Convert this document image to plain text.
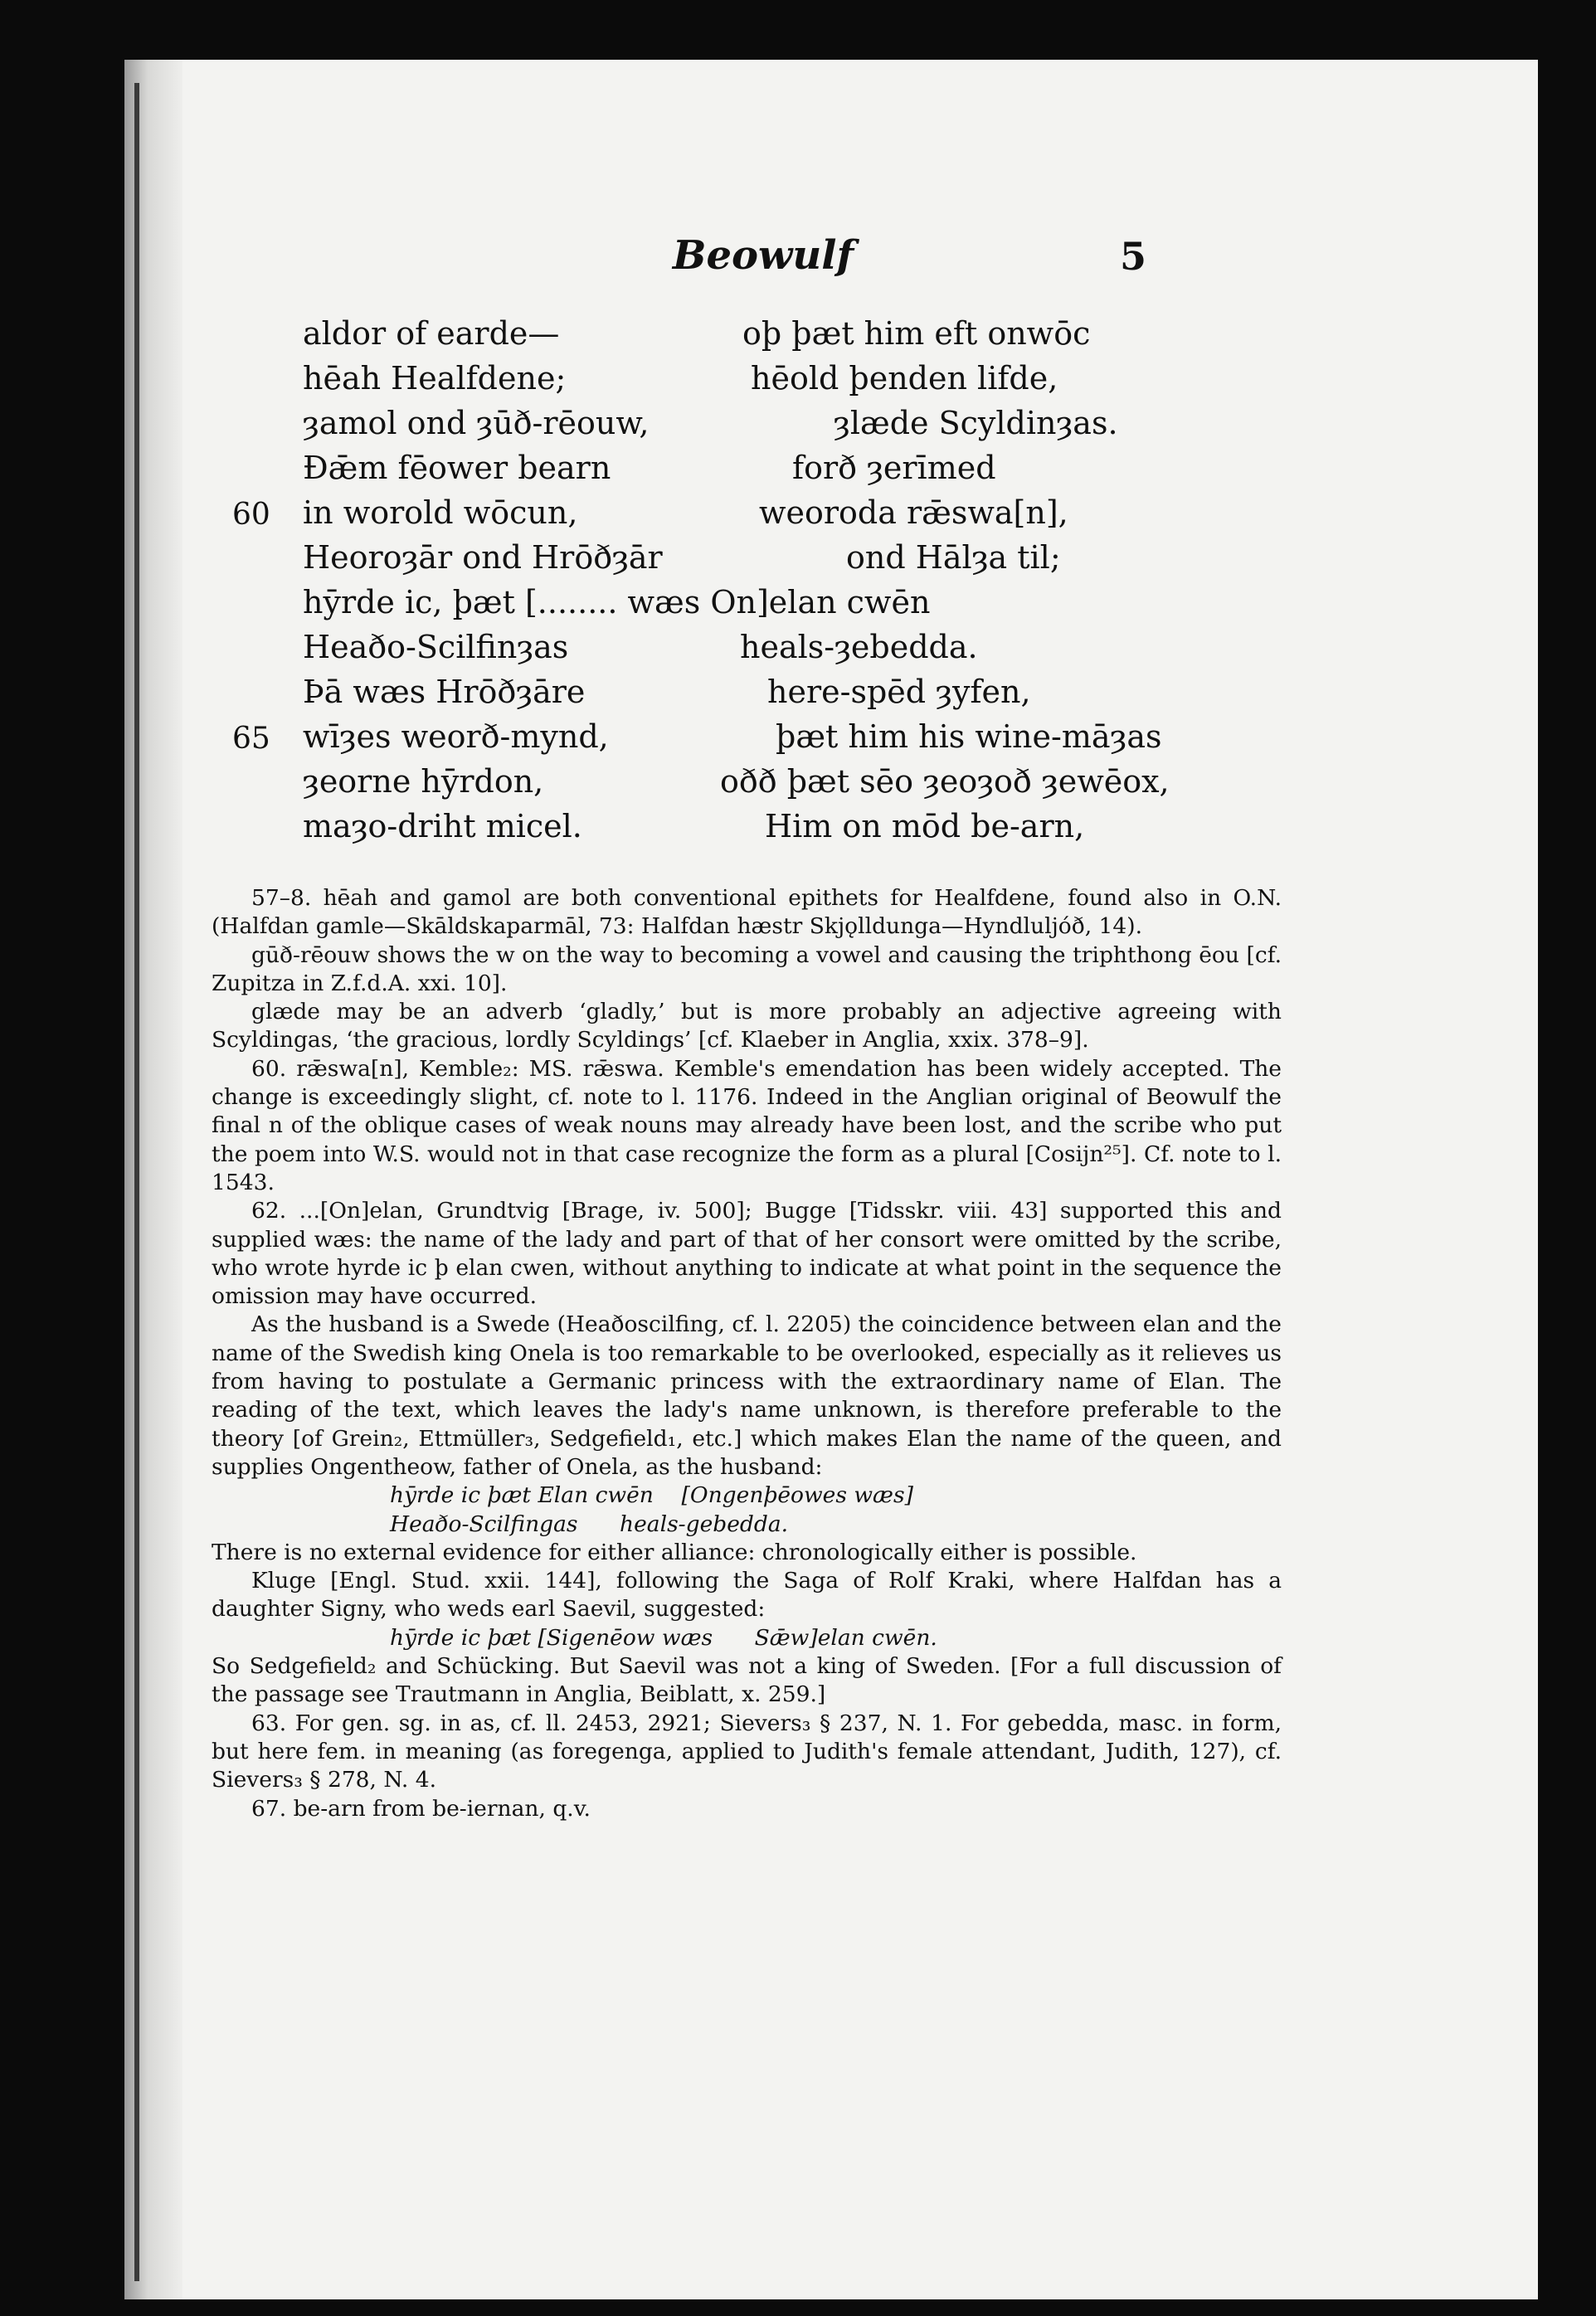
Beowulf	5
aldor of earde—	oþ þæt him eft onwōc
hēah Healfdene;	hēold þenden lifde,
ȝamol ond ȝūð-rēouw,	ȝlæde Scyldinȝas.
Ðǣm fēower bearn	forð ȝerīmed
60 in worold wōcun,	weoroda rǣswa[n],
Heoroȝār ond Hrōðȝār	ond Hālȝa til;
hȳrde ic, þæt [........ wæs On]elan cwēn
Heaðo-Scilfinȝas	heals-ȝebedda.
Þā wæs Hrōðȝāre	here-spēd ȝyfen,
65 wīȝes weorð-mynd,	þæt him his wine-māȝas
ȝeorne hȳrdon,	oðð þæt sēo ȝeoȝoð ȝewēox,
maȝo-driht micel.	Him on mōd be-arn,

57–8. hēah and gamol are both conventional epithets for Healfdene, found also in O.N. (Halfdan gamle—Skāldskaparmāl, 73: Halfdan hæstr Skjǫlldunga—Hyndluljóð, 14).

gūð-rēouw shows the w on the way to becoming a vowel and causing the triphthong ēou [cf. Zupitza in Z.f.d.A. xxi. 10].

glæde may be an adverb ‘gladly,’ but is more probably an adjective agreeing with Scyldingas, ‘the gracious, lordly Scyldings’ [cf. Klaeber in Anglia, xxix. 378–9].

60. rǣswa[n], Kemble₂: MS. rǣswa. Kemble's emendation has been widely accepted. The change is exceedingly slight, cf. note to l. 1176. Indeed in the Anglian original of Beowulf the final n of the oblique cases of weak nouns may already have been lost, and the scribe who put the poem into W.S. would not in that case recognize the form as a plural [Cosijn²⁵]. Cf. note to l. 1543.

62. ...[On]elan, Grundtvig [Brage, iv. 500]; Bugge [Tidsskr. viii. 43] supported this and supplied wæs: the name of the lady and part of that of her consort were omitted by the scribe, who wrote hyrde ic þ elan cwen, without anything to indicate at what point in the sequence the omission may have occurred.

As the husband is a Swede (Heaðoscilfing, cf. l. 2205) the coincidence between elan and the name of the Swedish king Onela is too remarkable to be overlooked, especially as it relieves us from having to postulate a Germanic princess with the extraordinary name of Elan. The reading of the text, which leaves the lady's name unknown, is therefore preferable to the theory [of Grein₂, Ettmüller₃, Sedgefield₁, etc.] which makes Elan the name of the queen, and supplies Ongentheow, father of Onela, as the husband:

hȳrde ic þæt Elan cwēn    [Ongenþēowes wæs]

Heaðo-Scilfingas      heals-gebedda.

There is no external evidence for either alliance: chronologically either is possible.

Kluge [Engl. Stud. xxii. 144], following the Saga of Rolf Kraki, where Halfdan has a daughter Signy, who weds earl Saevil, suggested:

hȳrde ic þæt [Sigenēow wæs      Sǣw]elan cwēn.

So Sedgefield₂ and Schücking. But Saevil was not a king of Sweden. [For a full discussion of the passage see Trautmann in Anglia, Beiblatt, x. 259.]

63. For gen. sg. in as, cf. ll. 2453, 2921; Sievers₃ § 237, N. 1. For gebedda, masc. in form, but here fem. in meaning (as foregenga, applied to Judith's female attendant, Judith, 127), cf. Sievers₃ § 278, N. 4.

67. be-arn from be-iernan, q.v.
